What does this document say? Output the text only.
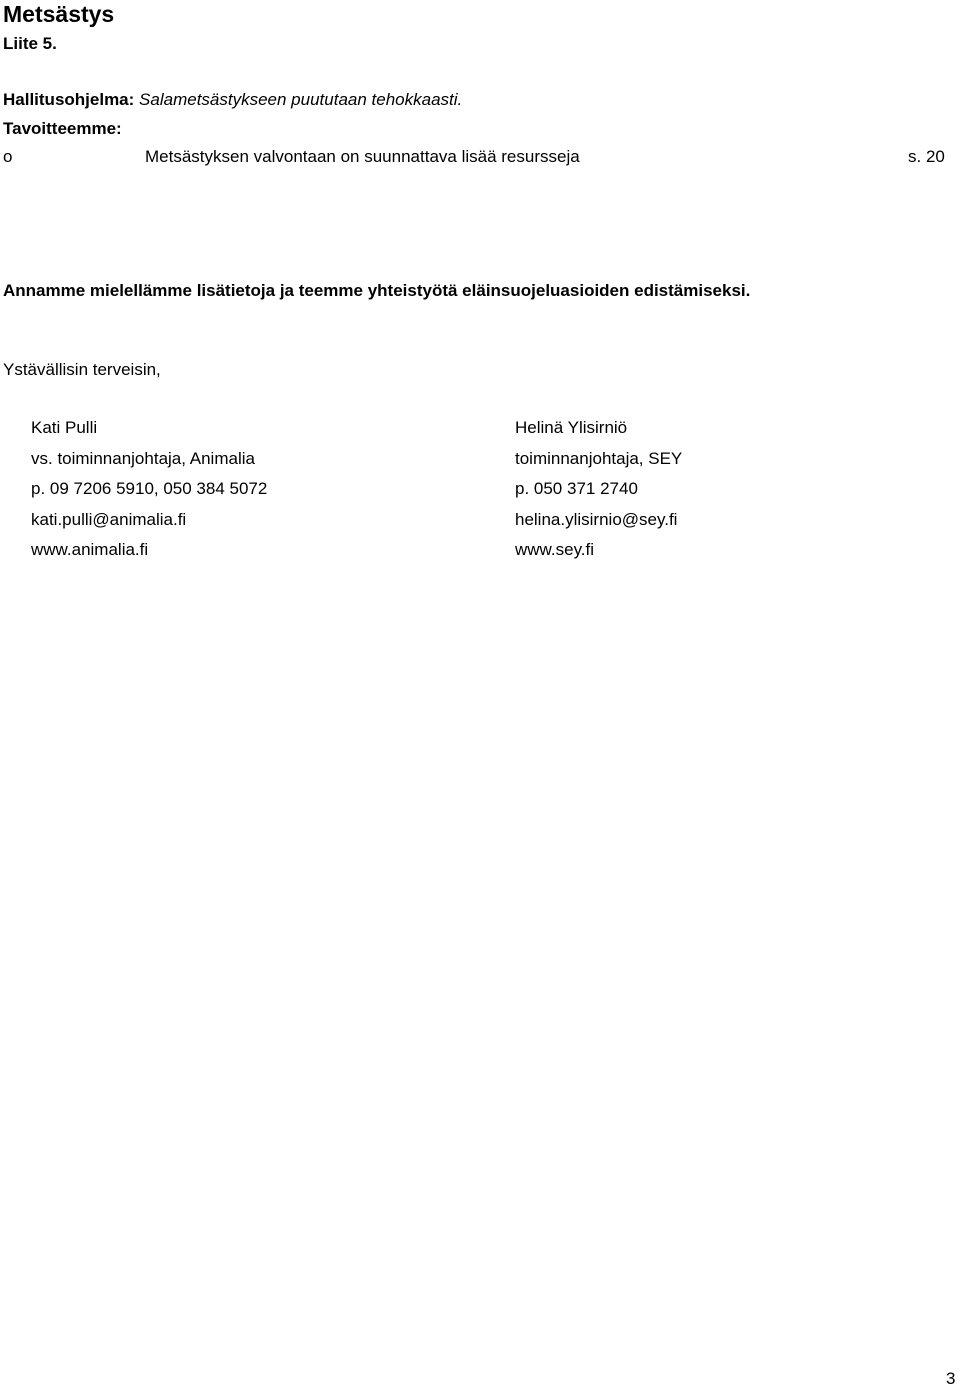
Metsästys
Liite 5.
Hallitusohjelma: Salametsästykseen puututaan tehokkaasti.
Tavoitteemme:
o	Metsästyksen valvontaan on suunnattava lisää resursseja	s. 20
Annamme mielellämme lisätietoja ja teemme yhteistyötä eläinsuojeluasioiden edistämiseksi.
Ystävällisin terveisin,
Kati Pulli
vs. toiminnanjohtaja, Animalia
p. 09 7206 5910, 050 384 5072
kati.pulli@animalia.fi
www.animalia.fi
Helinä Ylisirniö
toiminnanjohtaja, SEY
p. 050 371 2740
helina.ylisirnio@sey.fi
www.sey.fi
3
